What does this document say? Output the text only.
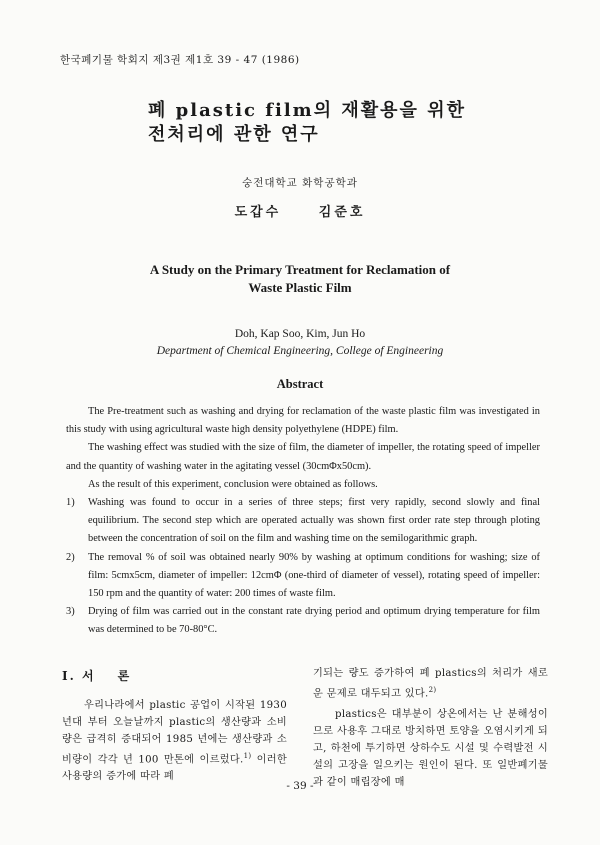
한국폐기물 학회지 제3권 제1호 39 - 47 (1986)
폐 plastic film의 재활용을 위한
전처리에 관한 연구
숭전대학교 화학공학과
도갑수 김준호
A Study on the Primary Treatment for Reclamation of
Waste Plastic Film
Doh, Kap Soo, Kim, Jun Ho
Department of Chemical Engineering, College of Engineering
Abstract

The Pre-treatment such as washing and drying for reclamation of the waste plastic film was investigated in this study with using agricultural waste high density polyethylene (HDPE) film.

The washing effect was studied with the size of film, the diameter of impeller, the rotating speed of impeller and the quantity of washing water in the agitating vessel (30cmΦx50cm).

As the result of this experiment, conclusion were obtained as follows.

1)	Washing was found to occur in a series of three steps; first very rapidly, second slowly and final equilibrium. The second step which are operated actually was shown first order rate step through ploting between the concentration of soil on the film and washing time on the semilogarithmic graph.
2)	The removal % of soil was obtained nearly 90% by washing at optimum conditions for washing; size of film: 5cmx5cm, diameter of impeller: 12cmΦ (one-third of diameter of vessel), rotating speed of impeller: 150 rpm and the quantity of water: 200 times of waste film.
3)	Drying of film was carried out in the constant rate drying period and optimum drying temperature for film was determined to be 70-80°C.

I. 서 론

우리나라에서 plastic 공업이 시작된 1930년대 부터 오늘날까지 plastic의 생산량과 소비량은 급격히 증대되어 1985 년에는 생산량과 소비량이 각각 년 100 만톤에 이르렀다.$^{1)}$ 이러한 사용량의 증가에 따라 폐

기되는 량도 증가하여 폐 plastics의 처리가 새로운 문제로 대두되고 있다.$^{2)}$

plastics은 대부분이 상온에서는 난 분해성이므로 사용후 그대로 방치하면 토양을 오염시키게 되고, 하천에 투기하면 상하수도 시설 및 수력발전 시설의 고장을 일으키는 원인이 된다. 또 일반폐기물과 같이 매립장에 매

- 39 -
